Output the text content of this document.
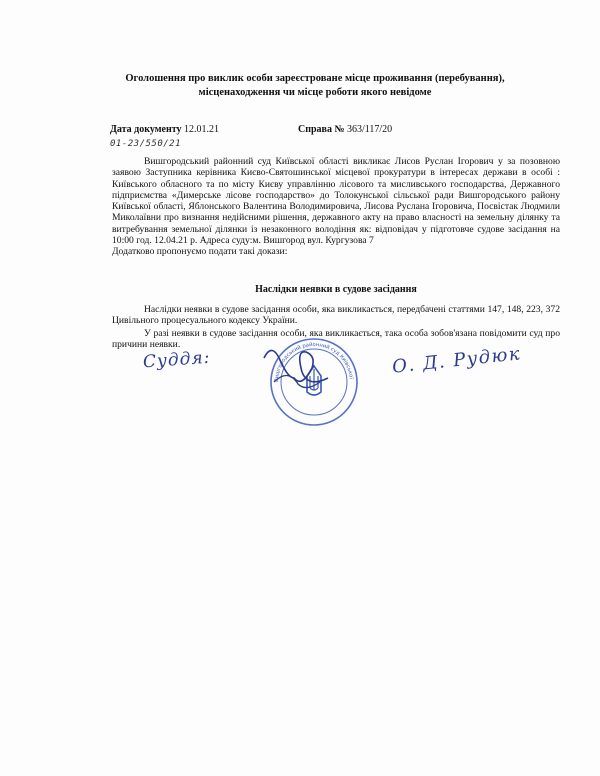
Оголошення про виклик особи зареєстроване місце проживання (перебування),
місценаходження чи місце роботи якого невідоме
Дата документу 12.01.21	Справа № 363/117/20
01-23/550/21

Вишгородський районний суд Київської області викликає Лисов Руслан Ігорович у за позовною заявою Заступника керівника Києво-Святошинської місцевої прокуратури в інтересах держави в особі : Київського обласного та по місту Києву управлінню лісового та мисливського господарства, Державного підприємства «Димерське лісове господарство» до Толокунської сільської ради Вишгородського району Київської області, Яблонського Валентина Володимировича, Лисова Руслана Ігоровича, Посвістак Людмили Миколаївни про визнання недійсними рішення, державного акту на право власності на земельну ділянку та витребування земельної ділянки із незаконного володіння як: відповідач у підготовче судове засідання на 10:00 год. 12.04.21 р. Адреса суду:м. Вишгород вул. Кургузова 7

Додатково пропонуємо подати такі докази:

Наслідки неявки в судове засідання

Наслідки неявки в судове засідання особи, яка викликається, передбачені статтями 147, 148, 223, 372 Цивільного процесуального кодексу України.

У разі неявки в судове засідання особи, яка викликається, така особа зобов'язана повідомити суд про причини неявки.

Суддя:
Вишгородський районний суд Київської
О. Д. Рудюк
